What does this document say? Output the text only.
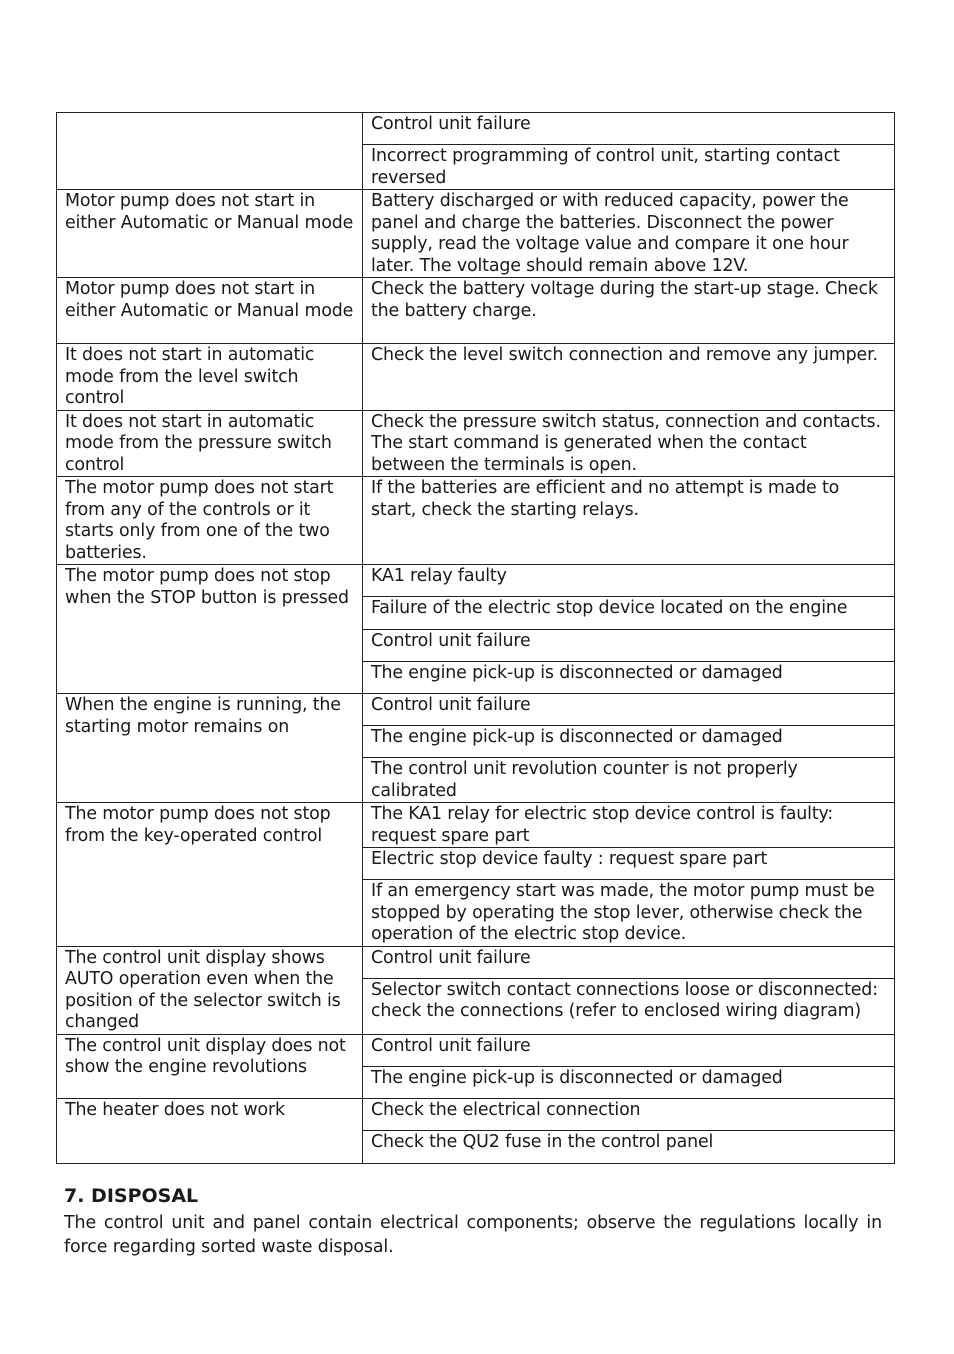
	Control unit failure
	Incorrect programming of control unit, starting contact reversed
Motor pump does not start in either Automatic or Manual mode	Battery discharged or with reduced capacity, power the panel and charge the batteries. Disconnect the power supply, read the voltage value and compare it one hour later. The voltage should remain above 12V.
Motor pump does not start in either Automatic or Manual mode	Check the battery voltage during the start-up stage. Check the battery charge.
It does not start in automatic mode from the level switch control	Check the level switch connection and remove any jumper.
It does not start in automatic mode from the pressure switch control	Check the pressure switch status, connection and contacts. The start command is generated when the contact between the terminals is open.
The motor pump does not start from any of the controls or it starts only from one of the two batteries.	If the batteries are efficient and no attempt is made to start, check the starting relays.
The motor pump does not stop when the STOP button is pressed	KA1 relay faulty
	Failure of the electric stop device located on the engine
	Control unit failure
	The engine pick-up is disconnected or damaged
When the engine is running, the starting motor remains on	Control unit failure
	The engine pick-up is disconnected or damaged
	The control unit revolution counter is not properly calibrated
The motor pump does not stop from the key-operated control	The KA1 relay for electric stop device control is faulty: request spare part
	Electric stop device faulty : request spare part
	If an emergency start was made, the motor pump must be stopped by operating the stop lever, otherwise check the operation of the electric stop device.
The control unit display shows AUTO operation even when the position of the selector switch is changed	Control unit failure
	Selector switch contact connections loose or disconnected: check the connections (refer to enclosed wiring diagram)
The control unit display does not show the engine revolutions	Control unit failure
	The engine pick-up is disconnected or damaged
The heater does not work	Check the electrical connection
	Check the QU2 fuse in the control panel
7. DISPOSAL

The control unit and panel contain electrical components; observe the regulations locally in force regarding sorted waste disposal.
